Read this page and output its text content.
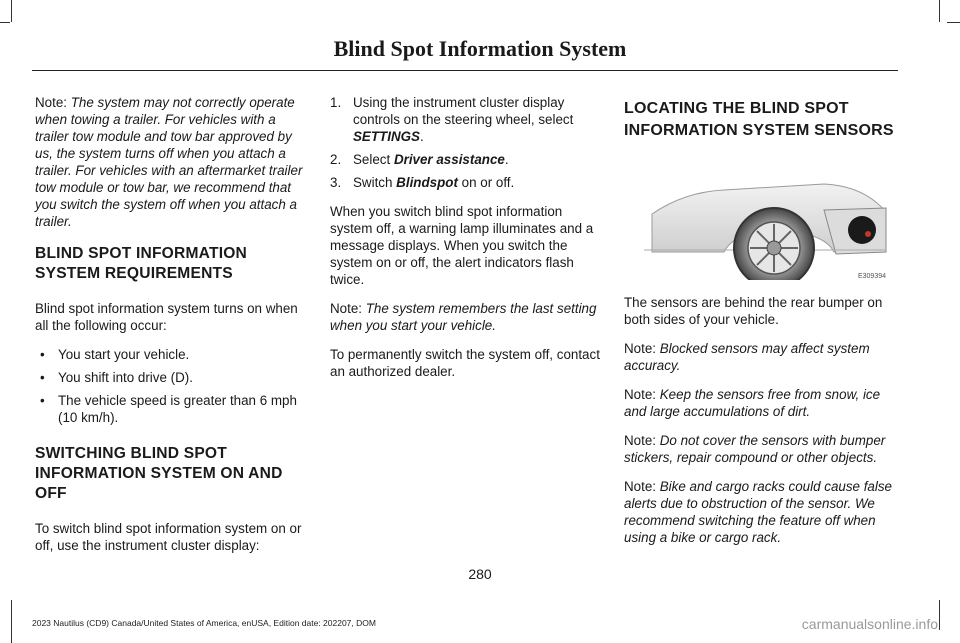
Blind Spot Information System

Note: The system may not correctly operate when towing a trailer. For vehicles with a trailer tow module and tow bar approved by us, the system turns off when you attach a trailer. For vehicles with an aftermarket trailer tow module or tow bar, we recommend that you switch the system off when you attach a trailer.

BLIND SPOT INFORMATION
SYSTEM REQUIREMENTS

Blind spot information system turns on when all the following occur:

• You start your vehicle.
• You shift into drive (D).
• The vehicle speed is greater than 6 mph (10 km/h).
SWITCHING BLIND SPOT
INFORMATION SYSTEM ON AND
OFF

To switch blind spot information system on or off, use the instrument cluster display:

1. Using the instrument cluster display controls on the steering wheel, select SETTINGS.
2. Select Driver assistance.
3. Switch Blindspot on or off.

When you switch blind spot information system off, a warning lamp illuminates and a message displays. When you switch the system on or off, the alert indicators flash twice.

Note: The system remembers the last setting when you start your vehicle.

To permanently switch the system off, contact an authorized dealer.

LOCATING THE BLIND SPOT
INFORMATION SYSTEM SENSORS
E309394

The sensors are behind the rear bumper on both sides of your vehicle.

Note: Blocked sensors may affect system accuracy.

Note: Keep the sensors free from snow, ice and large accumulations of dirt.

Note: Do not cover the sensors with bumper stickers, repair compound or other objects.

Note: Bike and cargo racks could cause false alerts due to obstruction of the sensor. We recommend switching the feature off when using a bike or cargo rack.

280
2023 Nautilus (CD9) Canada/United States of America, enUSA, Edition date: 202207, DOM	carmanualsonline.info
